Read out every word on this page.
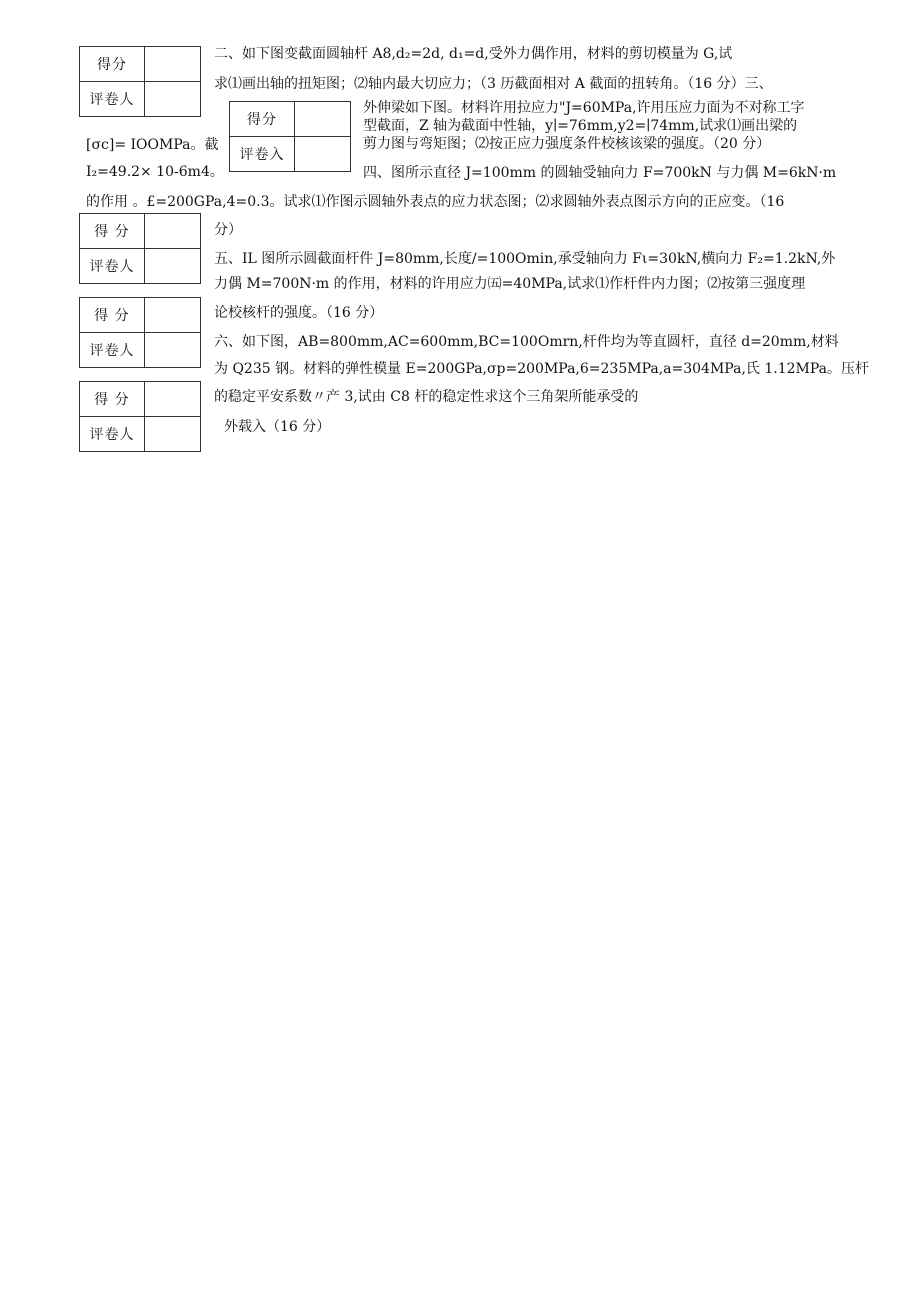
得分	
评卷人	
得分	
评卷入	
得 分	
评卷人	
得 分	
评卷人	
得 分	
评卷人	
二、如下图变截面圆轴杆 A8,d₂=2d, d₁=d,受外力偶作用，材料的剪切模量为 G,试
求⑴画出轴的扭矩图；⑵轴内最大切应力；（3 历截面相对 A 截面的扭转角。（16 分）三、
外伸梁如下图。材料许用拉应力"J=60MPa,许用压应力面为不对称工字
型截面，Z 轴为截面中性轴，y∣=76mm,y2=∣74mm,试求⑴画出梁的
剪力图与弯矩图；⑵按正应力强度条件校核该梁的强度。（20 分）
[σc]= IOOMPa。截
I₂=49.2× 10-6m4。	四、图所示直径 J=100mm 的圆轴受轴向力 F=700kN 与力偶 M=6kN·m
的作用 。£=200GPa,4=0.3。试求⑴作图示圆轴外表点的应力状态图；⑵求圆轴外表点图示方向的正应变。（16
分）
五、IL 图所示圆截面杆件 J=80mm,长度/=100Omin,承受轴向力 Fι=30kN,横向力 F₂=1.2kN,外
力偶 M=700N·m 的作用，材料的许用应力㈤=40MPa,试求⑴作杆件内力图；⑵按第三强度理
论校核杆的强度。（16 分）
六、如下图，AB=800mm,AC=600mm,BC=100Omrn,杆件均为等直圆杆，直径 d=20mm,材料
为 Q235 钢。材料的弹性模量 E=200GPa,σp=200MPa,6=235MPa,a=304MPa,氏 1.12MPa。压杆
的稳定平安系数〃产 3,试由 C8 杆的稳定性求这个三角架所能承受的
外载入（16 分）
